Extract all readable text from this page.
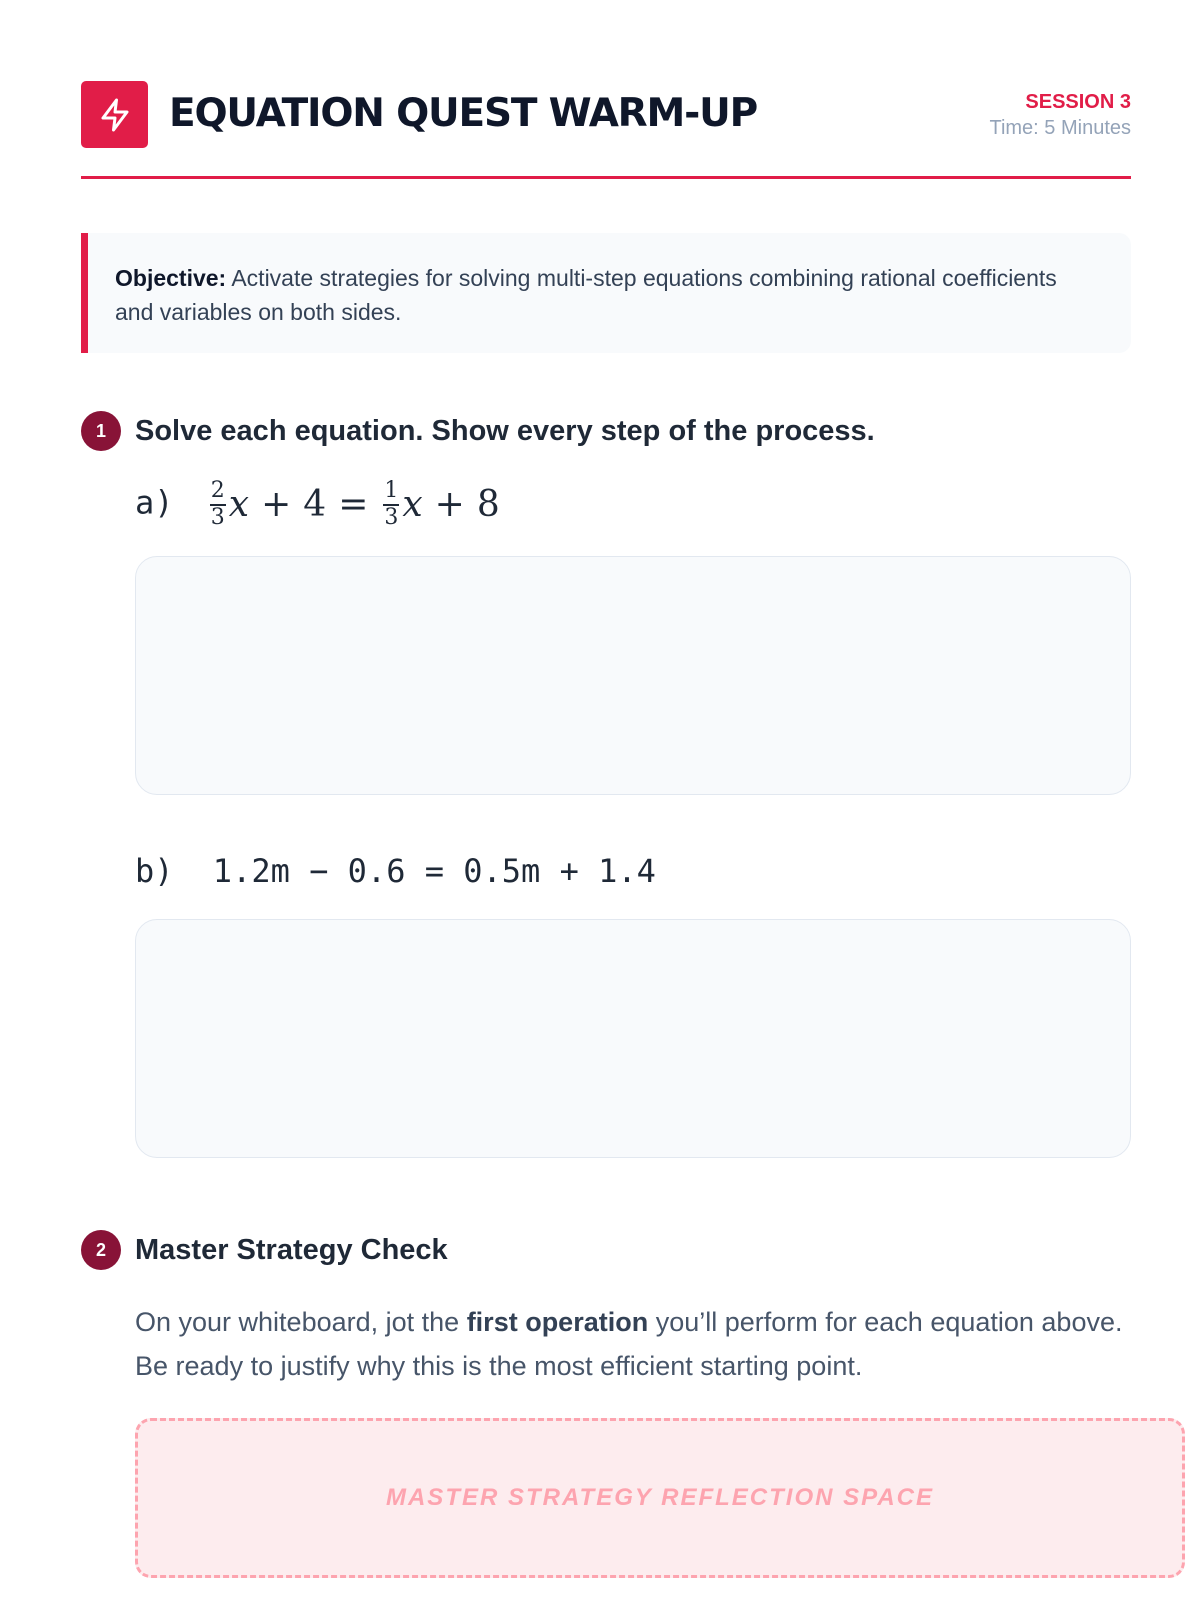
EQUATION QUEST WARM-UP	SESSION 3
Time: 5 Minutes
Objective: Activate strategies for solving multi-step equations combining rational coefficients and variables on both sides.
1	Solve each equation. Show every step of the process.
$a) \frac{2}{3}$ $x + 4 = \frac{1}{3}$ x + 8
b) 1.2m − 0.6 = 0.5m + 1.4
2	Master Strategy Check

On your whiteboard, jot the first operation you’ll perform for each equation above. Be ready to justify why this is the most efficient starting point.

MASTER STRATEGY REFLECTION SPACE
